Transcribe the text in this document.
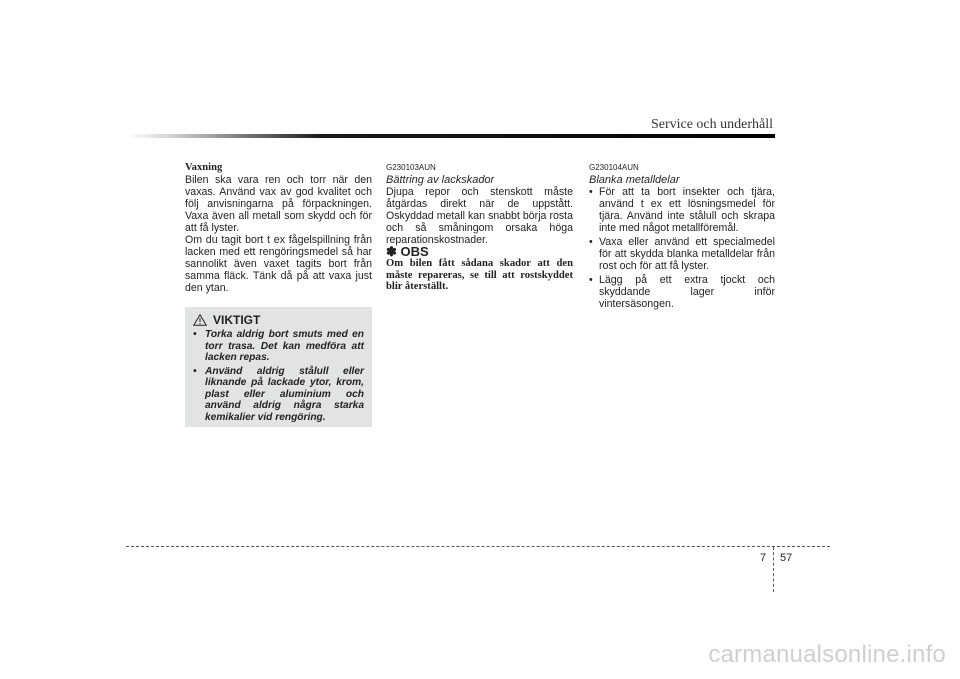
Service och underhåll

Vaxning

Bilen ska vara ren och torr när den vaxas. Använd vax av god kvalitet och följ anvisningarna på förpackningen. Vaxa även all metall som skydd och för att få lyster.

Om du tagit bort t ex fågelspillning från lacken med ett rengöringsmedel så har sannolikt även vaxet tagits bort från samma fläck. Tänk då på att vaxa just den ytan.

VIKTIGT
• Torka aldrig bort smuts med en torr trasa. Det kan medföra att lacken repas.
• Använd aldrig stålull eller liknande på lackade ytor, krom, plast eller aluminium och använd aldrig några starka kemikalier vid rengöring.

G230103AUN

Bättring av lackskador

Djupa repor och stenskott måste åtgärdas direkt när de uppstått. Oskyddad metall kan snabbt börja rosta och så småningom orsaka höga reparationskostnader.

✽ OBS

Om bilen fått sådana skador att den måste repareras, se till att rostskyddet blir återställt.

G230104AUN

Blanka metalldelar

• För att ta bort insekter och tjära, använd t ex ett lösningsmedel för tjära. Använd inte stålull och skrapa inte med något metallföremål.
• Vaxa eller använd ett specialmedel för att skydda blanka metalldelar från rost och för att få lyster.
• Lägg på ett extra tjockt och skyddande lager inför vintersäsongen.
7 57
carmanualsonline.info
